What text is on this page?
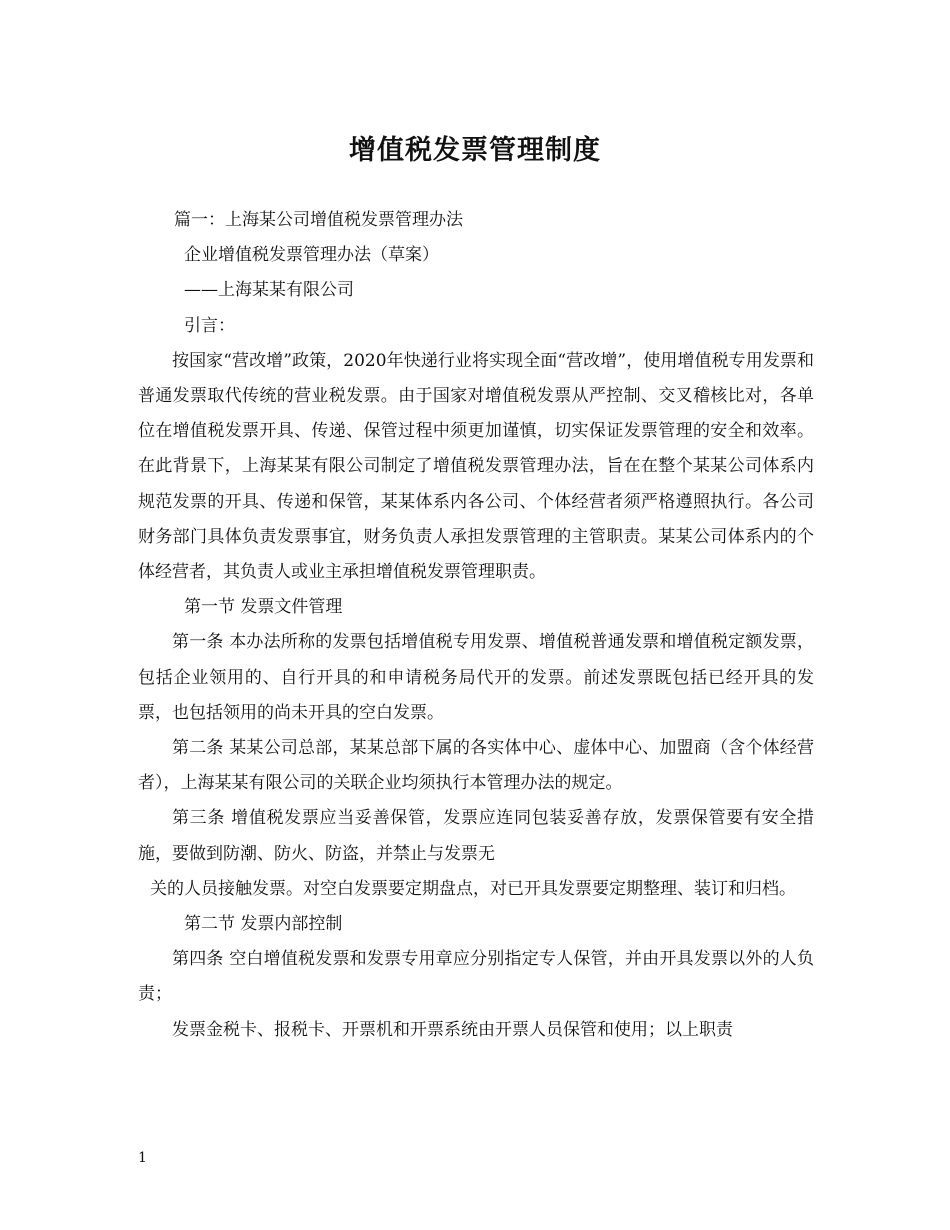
增值税发票管理制度

篇一：上海某公司增值税发票管理办法

企业增值税发票管理办法（草案）

——上海某某有限公司

引言：

按国家“营改增”政策，2020年快递行业将实现全面“营改增”，使用增值税专用发票和普通发票取代传统的营业税发票。由于国家对增值税发票从严控制、交叉稽核比对，各单位在增值税发票开具、传递、保管过程中须更加谨慎，切实保证发票管理的安全和效率。在此背景下，上海某某有限公司制定了增值税发票管理办法，旨在在整个某某公司体系内规范发票的开具、传递和保管，某某体系内各公司、个体经营者须严格遵照执行。各公司财务部门具体负责发票事宜，财务负责人承担发票管理的主管职责。某某公司体系内的个体经营者，其负责人或业主承担增值税发票管理职责。

第一节 发票文件管理

第一条 本办法所称的发票包括增值税专用发票、增值税普通发票和增值税定额发票，包括企业领用的、自行开具的和申请税务局代开的发票。前述发票既包括已经开具的发票，也包括领用的尚未开具的空白发票。

第二条 某某公司总部，某某总部下属的各实体中心、虚体中心、加盟商（含个体经营者），上海某某有限公司的关联企业均须执行本管理办法的规定。

第三条 增值税发票应当妥善保管，发票应连同包装妥善存放，发票保管要有安全措施，要做到防潮、防火、防盗，并禁止与发票无

关的人员接触发票。对空白发票要定期盘点，对已开具发票要定期整理、装订和归档。

第二节 发票内部控制

第四条 空白增值税发票和发票专用章应分别指定专人保管，并由开具发票以外的人负责；

发票金税卡、报税卡、开票机和开票系统由开票人员保管和使用；以上职责

1
